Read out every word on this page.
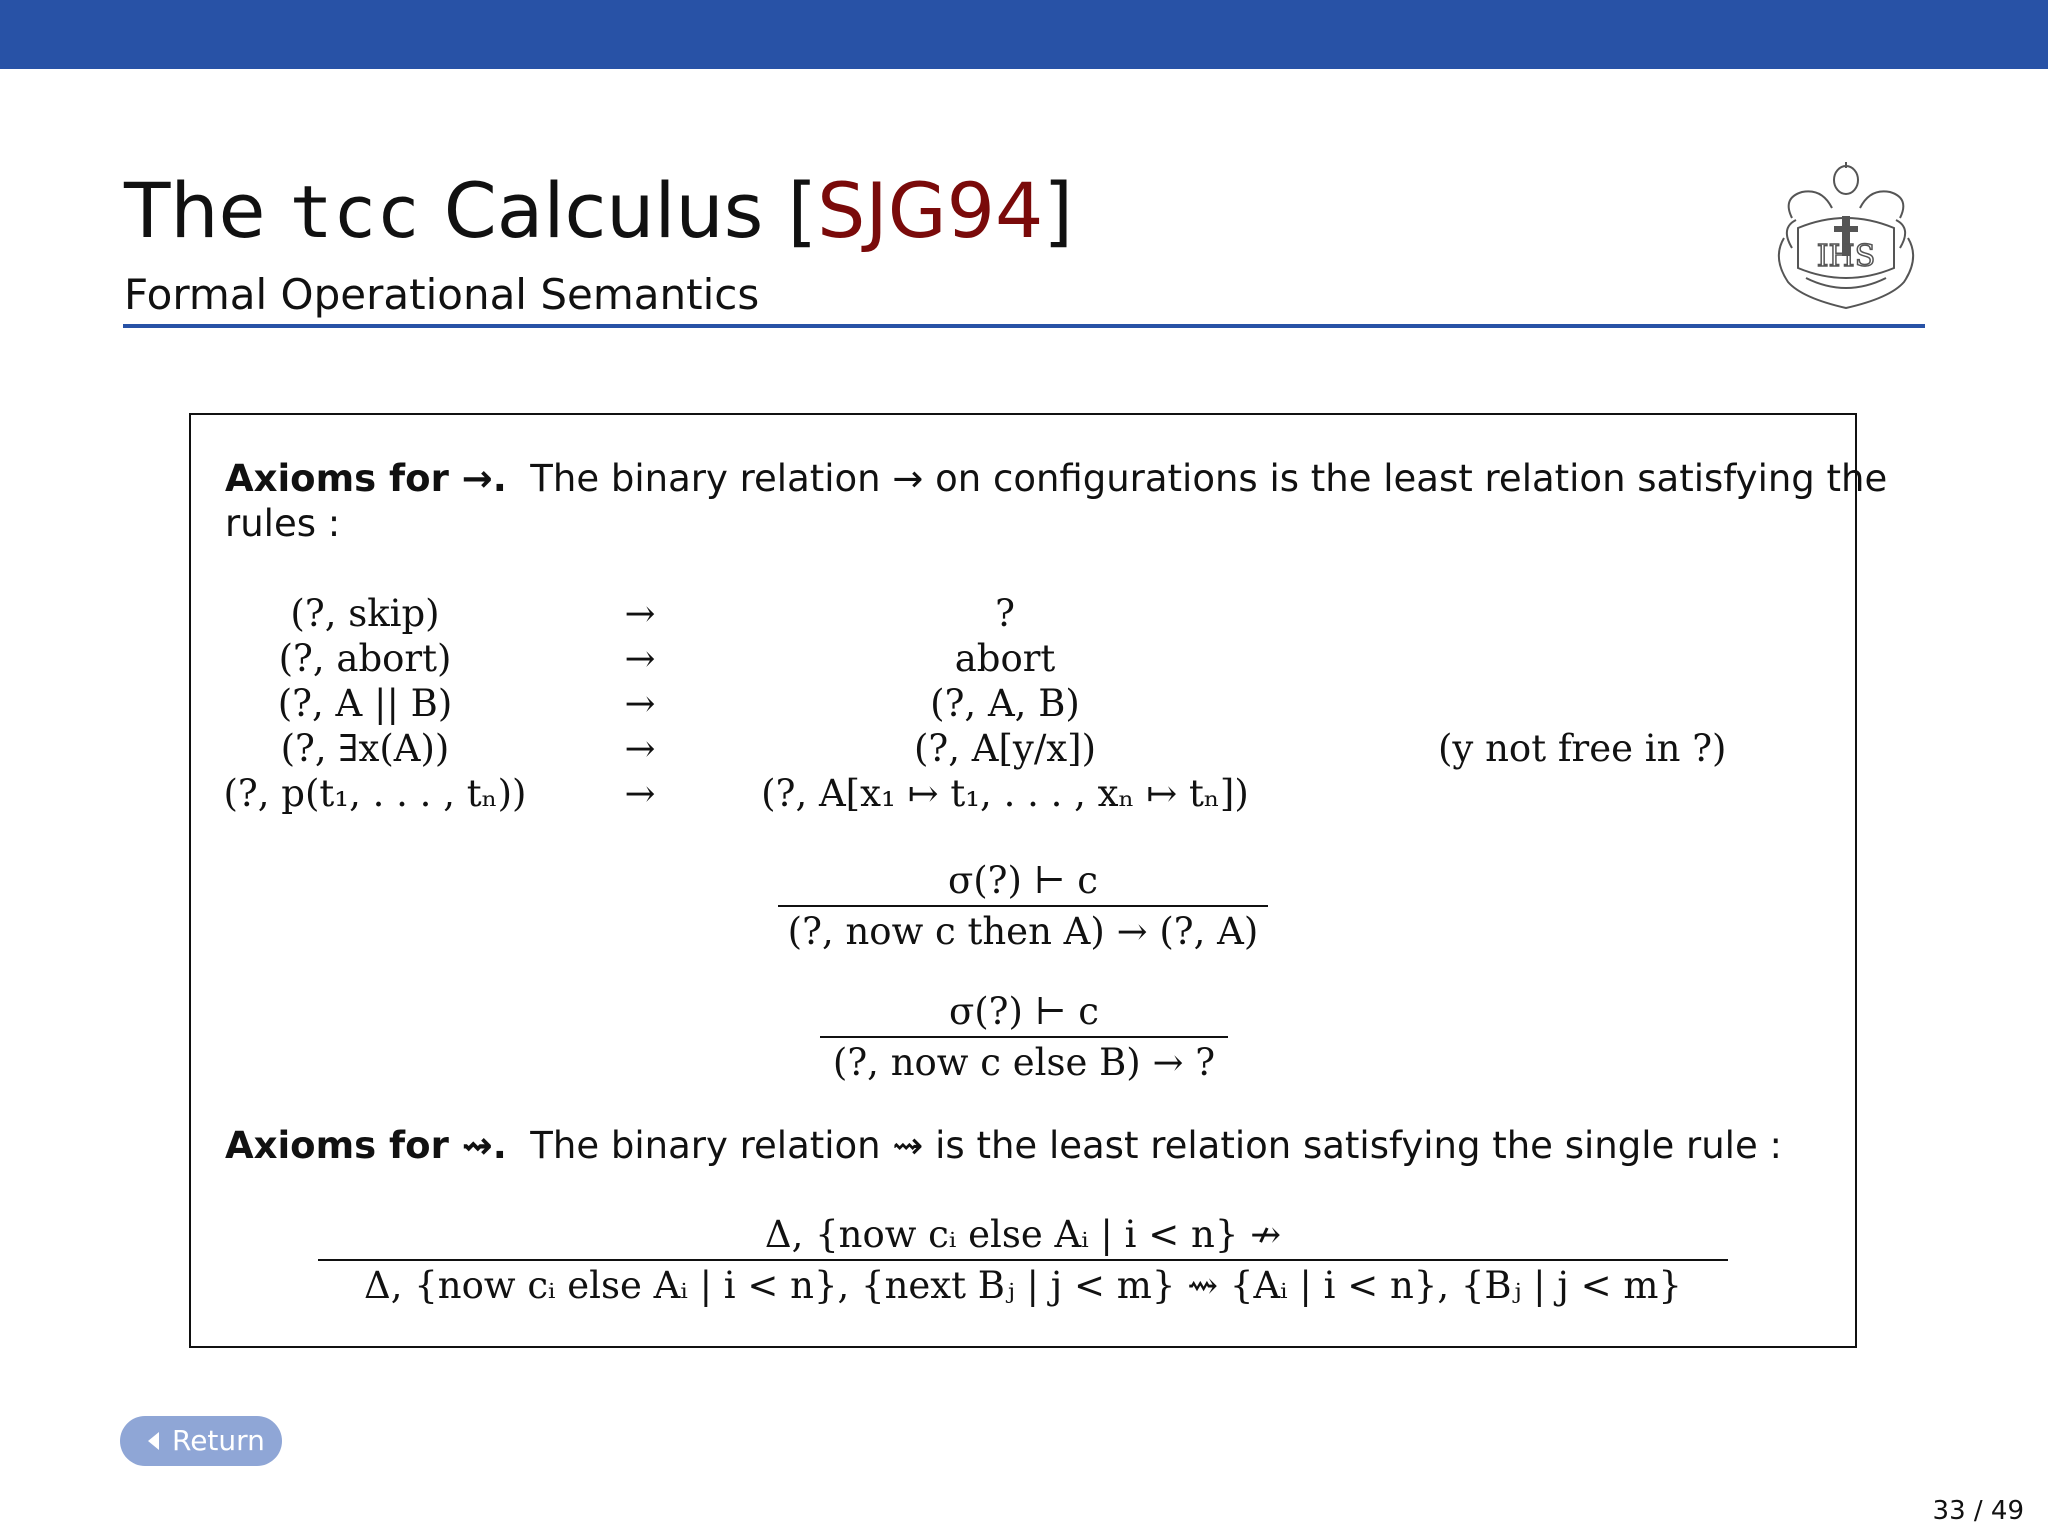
The tcc Calculus [SJG94]
Formal Operational Semantics
IHS
Axioms for →. The binary relation → on configurations is the least relation satisfying the
rules :
(?, skip)	→	?
(?, abort)	→	abort
(?, A || B)	→	(?, A, B)
(?, ∃x(A))	→	(?, A[y/x])	(y not free in ?)
(?, p(t₁, . . . , tₙ))	→	(?, A[x₁ ↦ t₁, . . . , xₙ ↦ tₙ])
σ(?) ⊢ c
(?, now c then A) → (?, A)
σ(?) ⊢ c
(?, now c else B) → ?
Axioms for ⇝. The binary relation ⇝ is the least relation satisfying the single rule :
Δ, {now cᵢ else Aᵢ | i < n} ↛
Δ, {now cᵢ else Aᵢ | i < n}, {next Bⱼ | j < m} ⇝ {Aᵢ | i < n}, {Bⱼ | j < m}
Return
33 / 49
